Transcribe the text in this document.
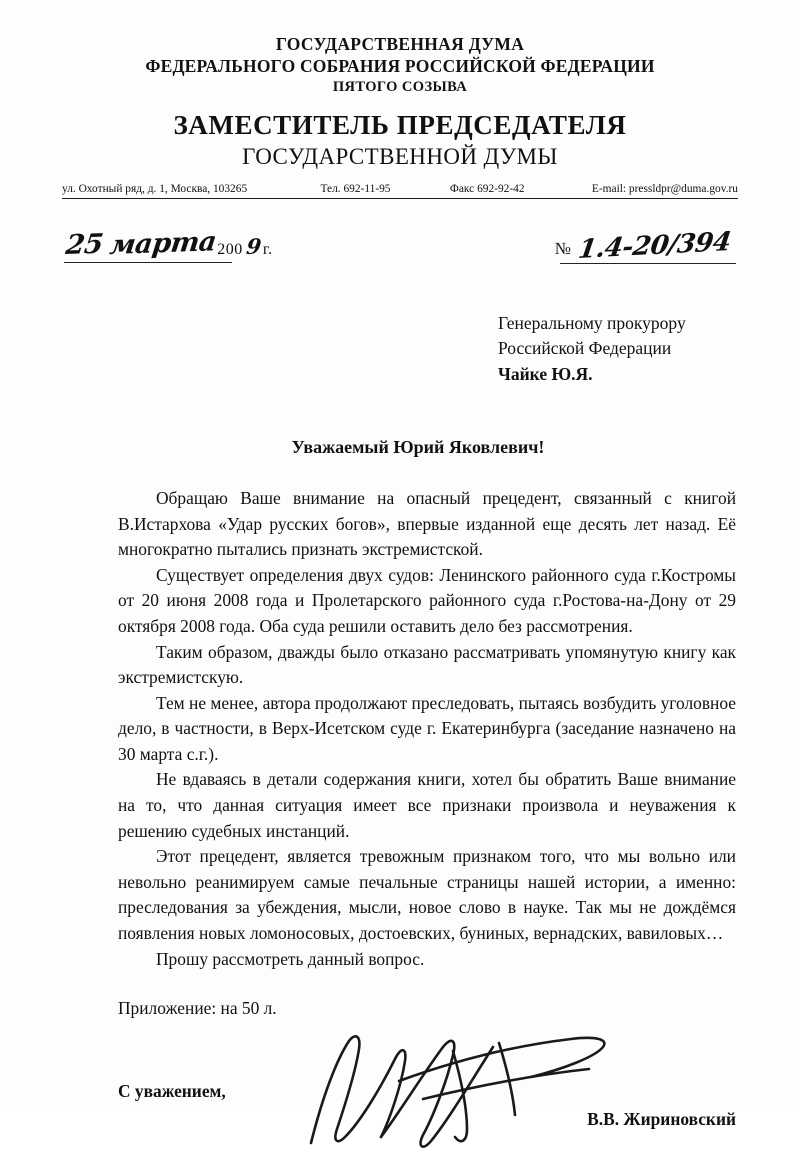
ГОСУДАРСТВЕННАЯ ДУМА
ФЕДЕРАЛЬНОГО СОБРАНИЯ РОССИЙСКОЙ ФЕДЕРАЦИИ
ПЯТОГО СОЗЫВА
ЗАМЕСТИТЕЛЬ ПРЕДСЕДАТЕЛЯ
ГОСУДАРСТВЕННОЙ ДУМЫ
ул. Охотный ряд, д. 1, Москва, 103265	Тел. 692-11-95	Факс 692-92-42	E-mail: pressldpr@duma.gov.ru
25 марта 200 9 г.	№ 1.4-20/394
Генеральному прокурору
Российской Федерации
Чайке Ю.Я.
Уважаемый Юрий Яковлевич!

Обращаю Ваше внимание на опасный прецедент, связанный с книгой В.Истархова «Удар русских богов», впервые изданной еще десять лет назад. Её многократно пытались признать экстремистской.

Существует определения двух судов: Ленинского районного суда г.Костромы от 20 июня 2008 года и Пролетарского районного суда г.Ростова-на-Дону от 29 октября 2008 года. Оба суда решили оставить дело без рассмотрения.

Таким образом, дважды было отказано рассматривать упомянутую книгу как экстремистскую.

Тем не менее, автора продолжают преследовать, пытаясь возбудить уголовное дело, в частности, в Верх-Исетском суде г. Екатеринбурга (заседание назначено на 30 марта с.г.).

Не вдаваясь в детали содержания книги, хотел бы обратить Ваше внимание на то, что данная ситуация имеет все признаки произвола и неуважения к решению судебных инстанций.

Этот прецедент, является тревожным признаком того, что мы вольно или невольно реанимируем самые печальные страницы нашей истории, а именно: преследования за убеждения, мысли, новое слово в науке. Так мы не дождёмся появления новых ломоносовых, достоевских, буниных, вернадских, вавиловых…

Прошу рассмотреть данный вопрос.

Приложение: на 50 л.
С уважением,
В.В. Жириновский
